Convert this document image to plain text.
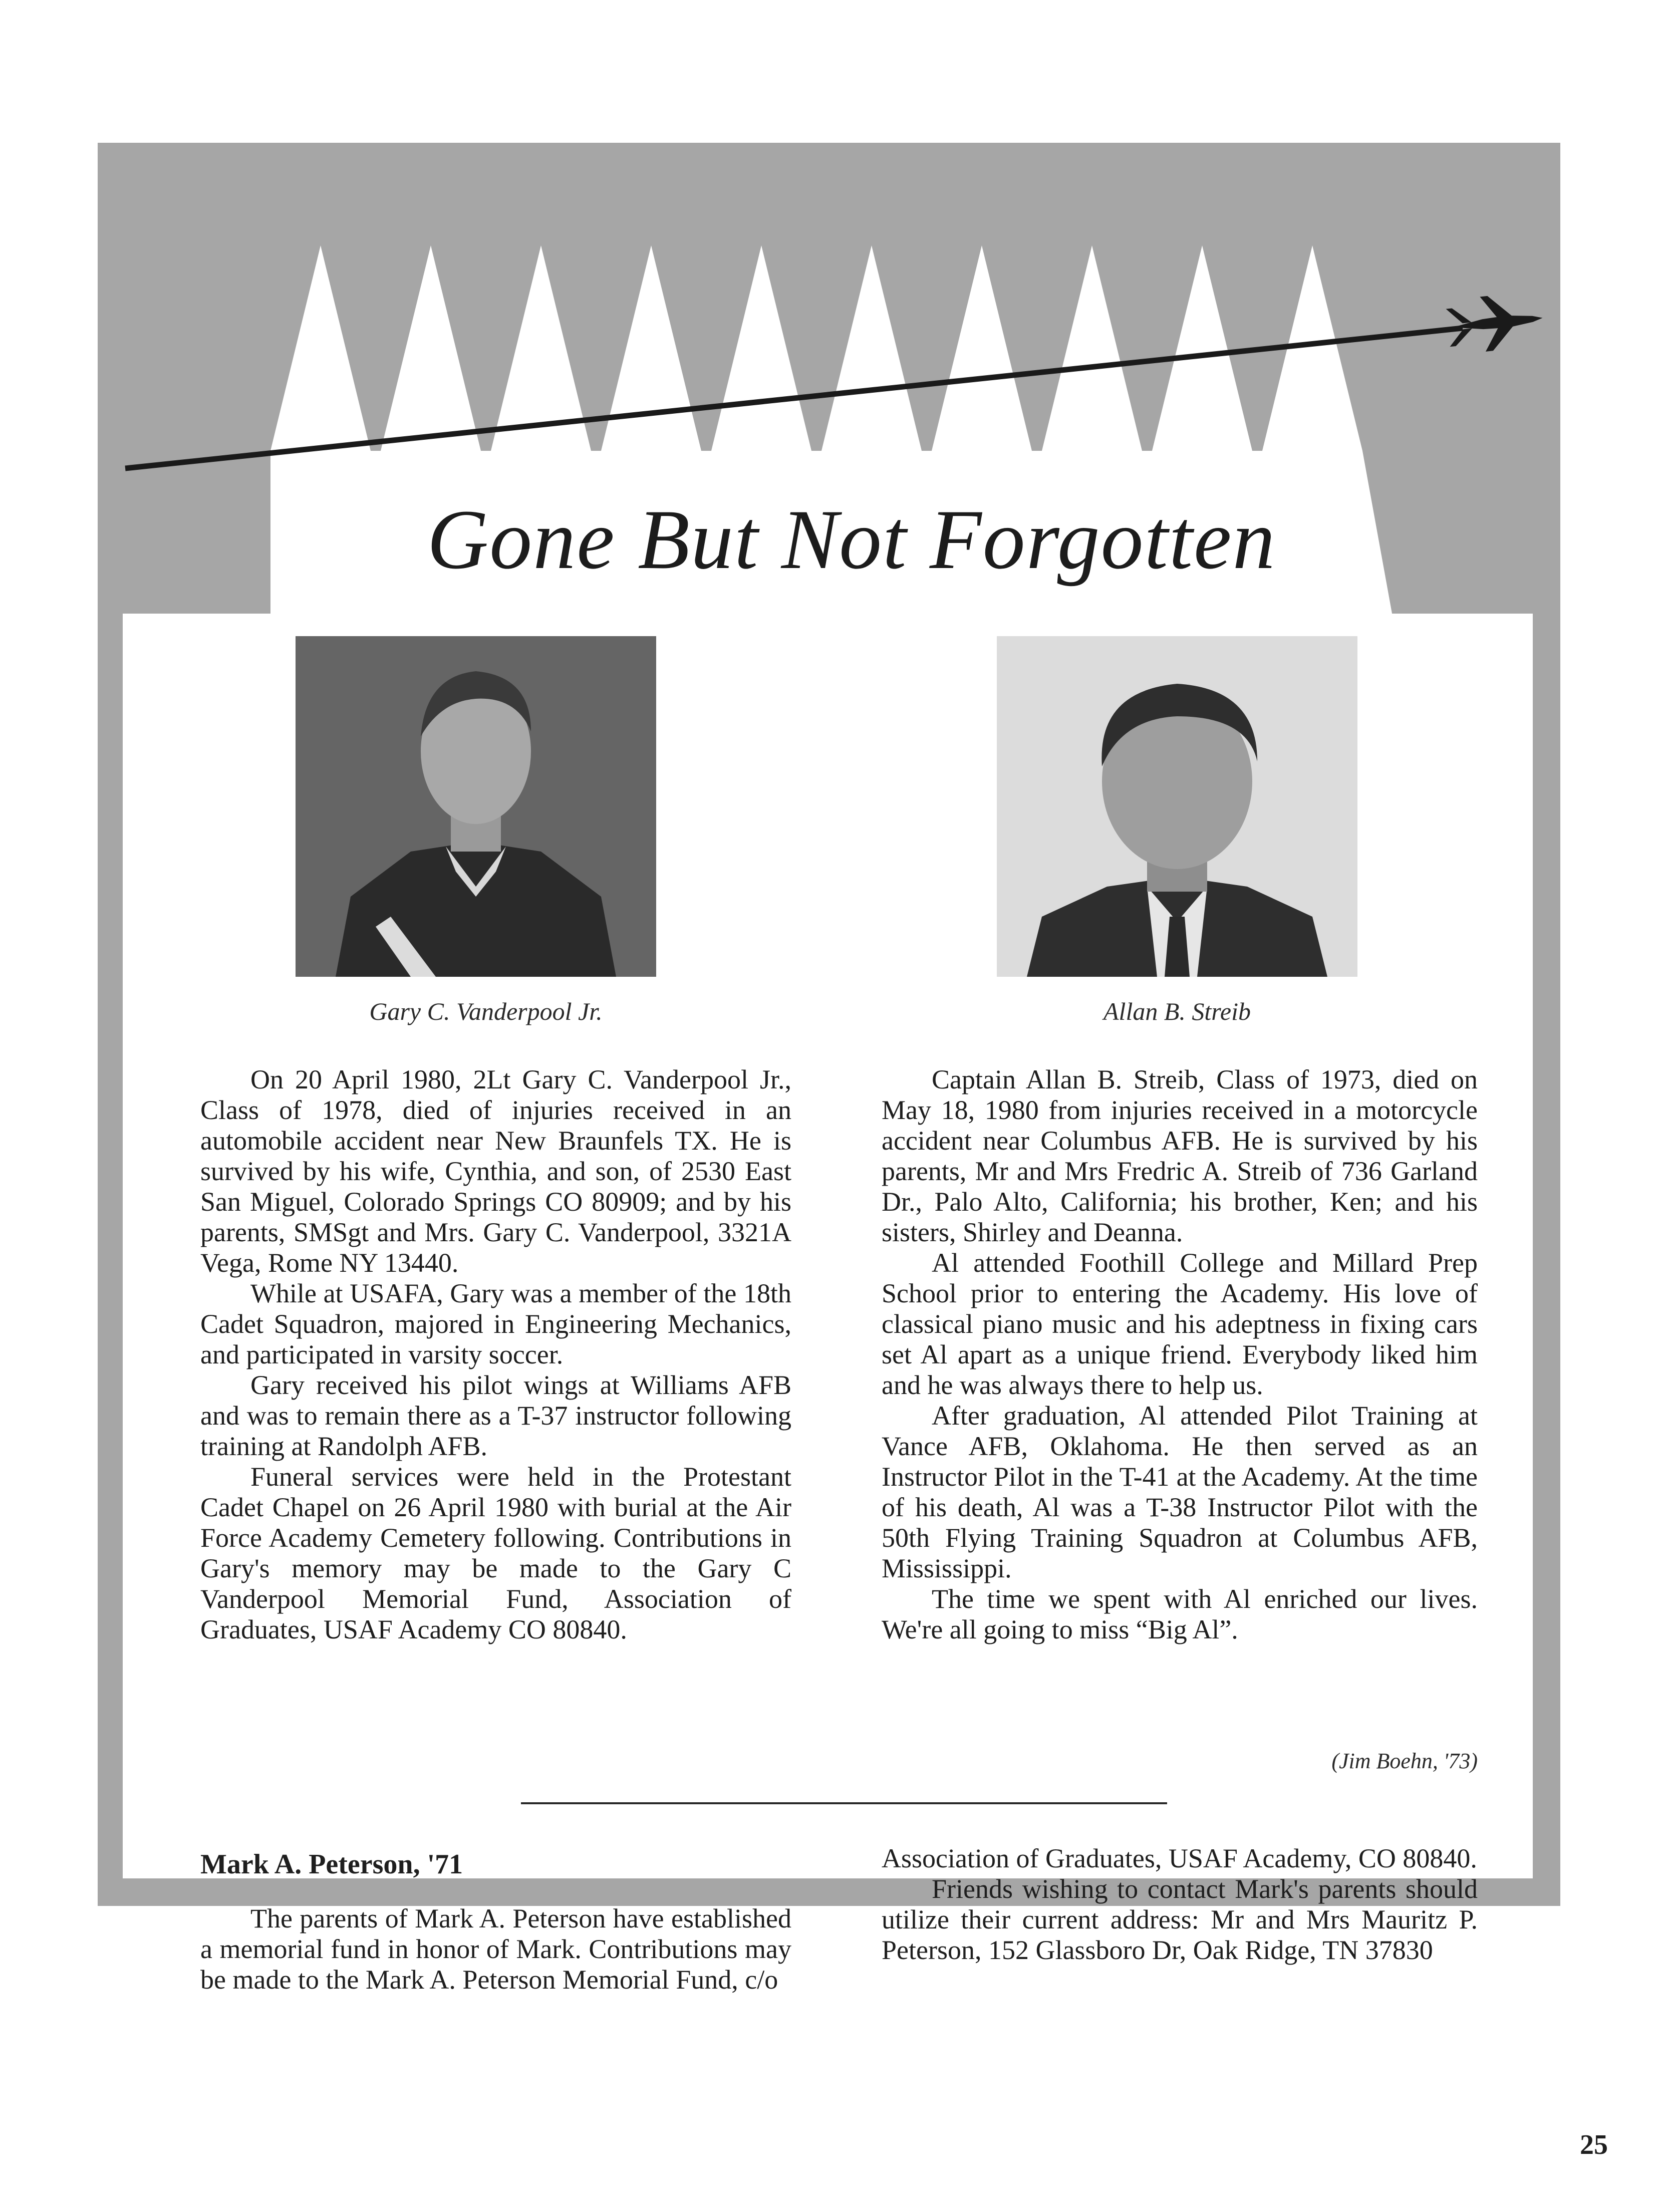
Gone But Not Forgotten
Gary C. Vanderpool Jr.	Allan B. Streib

On 20 April 1980, 2Lt Gary C. Vanderpool Jr., Class of 1978, died of injuries received in an automobile accident near New Braunfels TX. He is survived by his wife, Cynthia, and son, of 2530 East San Miguel, Colorado Springs CO 80909; and by his parents, SMSgt and Mrs. Gary C. Vanderpool, 3321A Vega, Rome NY 13440.

While at USAFA, Gary was a member of the 18th Cadet Squadron, majored in Engineering Mechanics, and participated in varsity soccer.

Gary received his pilot wings at Williams AFB and was to remain there as a T-37 instructor following training at Randolph AFB.

Funeral services were held in the Protestant Cadet Chapel on 26 April 1980 with burial at the Air Force Academy Cemetery following. Contributions in Gary's memory may be made to the Gary C Vanderpool Memorial Fund, Association of Graduates, USAF Academy CO 80840.

Captain Allan B. Streib, Class of 1973, died on May 18, 1980 from injuries received in a motorcycle accident near Columbus AFB. He is survived by his parents, Mr and Mrs Fredric A. Streib of 736 Garland Dr., Palo Alto, California; his brother, Ken; and his sisters, Shirley and Deanna.

Al attended Foothill College and Millard Prep School prior to entering the Academy. His love of classical piano music and his adeptness in fixing cars set Al apart as a unique friend. Everybody liked him and he was always there to help us.

After graduation, Al attended Pilot Training at Vance AFB, Oklahoma. He then served as an Instructor Pilot in the T-41 at the Academy. At the time of his death, Al was a T-38 Instructor Pilot with the 50th Flying Training Squadron at Columbus AFB, Mississippi.

The time we spent with Al enriched our lives. We're all going to miss “Big Al”.

(Jim Boehn, '73)
Mark A. Peterson, '71

The parents of Mark A. Peterson have established a memorial fund in honor of Mark. Contributions may be made to the Mark A. Peterson Memorial Fund, c/o

Association of Graduates, USAF Academy, CO 80840.

Friends wishing to contact Mark's parents should utilize their current address: Mr and Mrs Mauritz P. Peterson, 152 Glassboro Dr, Oak Ridge, TN 37830

25
